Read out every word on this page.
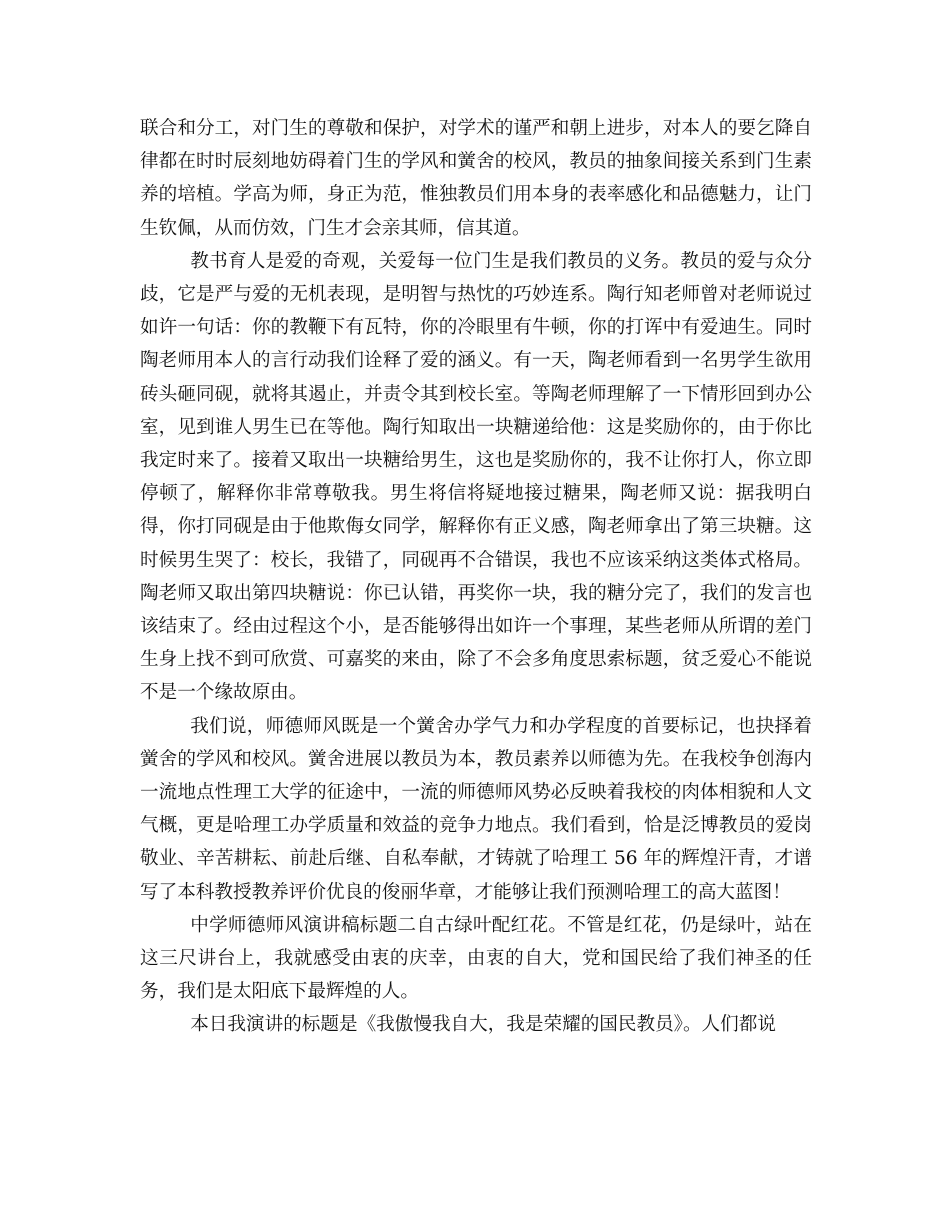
联合和分工，对门生的尊敬和保护，对学术的谨严和朝上进步，对本人的要乞降自律都在时时辰刻地妨碍着门生的学风和黉舍的校风，教员的抽象间接关系到门生素养的培植。学高为师，身正为范，惟独教员们用本身的表率感化和品德魅力，让门生钦佩，从而仿效，门生才会亲其师，信其道。

教书育人是爱的奇观，关爱每一位门生是我们教员的义务。教员的爱与众分歧，它是严与爱的无机表现，是明智与热忱的巧妙连系。陶行知老师曾对老师说过如许一句话：你的教鞭下有瓦特，你的冷眼里有牛顿，你的打诨中有爱迪生。同时陶老师用本人的言行动我们诠释了爱的涵义。有一天，陶老师看到一名男学生欲用砖头砸同砚，就将其遏止，并责令其到校长室。等陶老师理解了一下情形回到办公室，见到谁人男生已在等他。陶行知取出一块糖递给他：这是奖励你的，由于你比我定时来了。接着又取出一块糖给男生，这也是奖励你的，我不让你打人，你立即停顿了，解释你非常尊敬我。男生将信将疑地接过糖果，陶老师又说：据我明白得，你打同砚是由于他欺侮女同学，解释你有正义感，陶老师拿出了第三块糖。这时候男生哭了：校长，我错了，同砚再不合错误，我也不应该采纳这类体式格局。陶老师又取出第四块糖说：你已认错，再奖你一块，我的糖分完了，我们的发言也该结束了。经由过程这个小，是否能够得出如许一个事理，某些老师从所谓的差门生身上找不到可欣赏、可嘉奖的来由，除了不会多角度思索标题，贫乏爱心不能说不是一个缘故原由。

我们说，师德师风既是一个黉舍办学气力和办学程度的首要标记，也抉择着黉舍的学风和校风。黉舍进展以教员为本，教员素养以师德为先。在我校争创海内一流地点性理工大学的征途中，一流的师德师风势必反映着我校的肉体相貌和人文气概，更是哈理工办学质量和效益的竞争力地点。我们看到，恰是泛博教员的爱岗敬业、辛苦耕耘、前赴后继、自私奉献，才铸就了哈理工 56 年的辉煌汗青，才谱写了本科教授教养评价优良的俊丽华章，才能够让我们预测哈理工的高大蓝图！

中学师德师风演讲稿标题二自古绿叶配红花。不管是红花，仍是绿叶，站在这三尺讲台上，我就感受由衷的庆幸，由衷的自大，党和国民给了我们神圣的任务，我们是太阳底下最辉煌的人。

本日我演讲的标题是《我傲慢我自大，我是荣耀的国民教员》。人们都说
